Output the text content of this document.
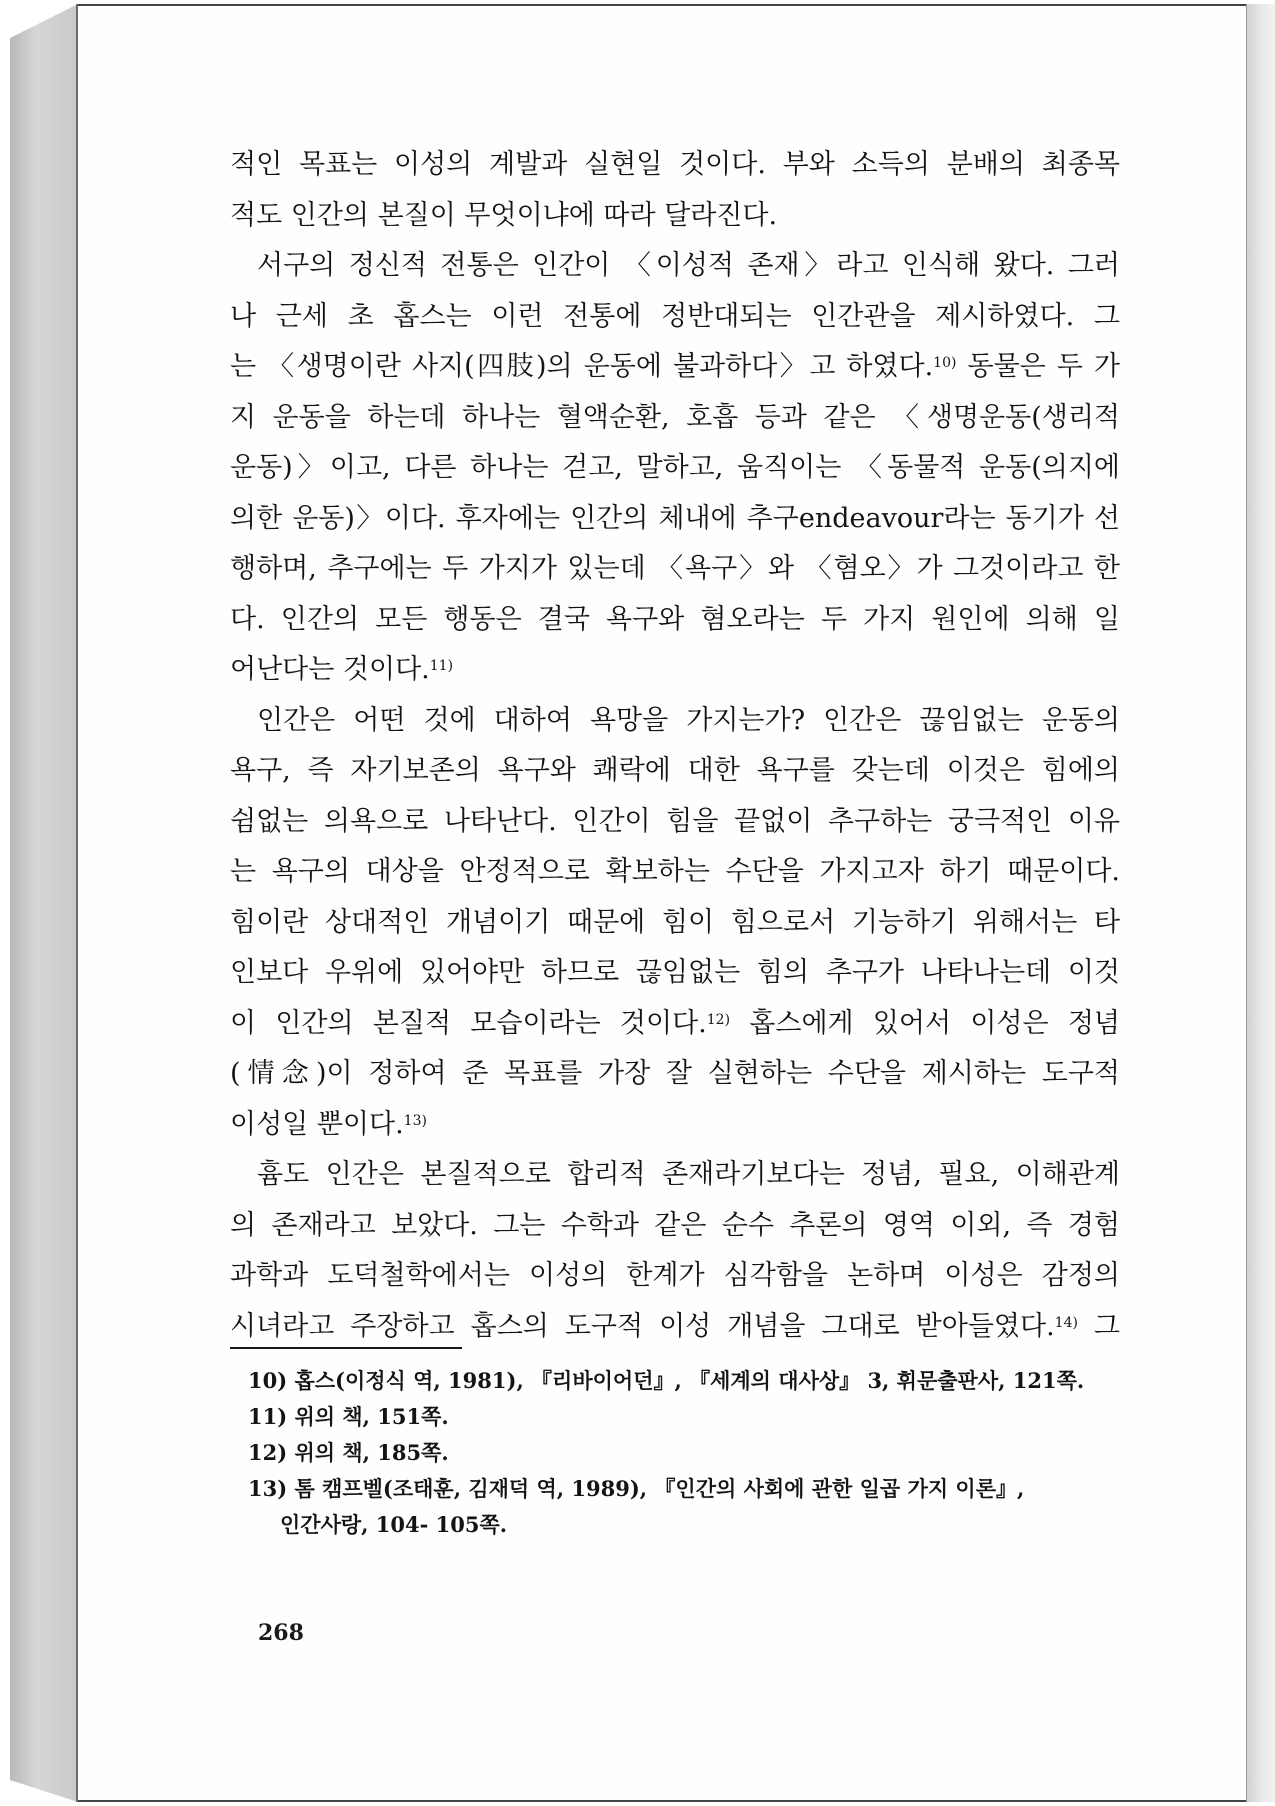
적인 목표는 이성의 계발과 실현일 것이다. 부와 소득의 분배의 최종목
적도 인간의 본질이 무엇이냐에 따라 달라진다.
서구의 정신적 전통은 인간이 〈이성적 존재〉라고 인식해 왔다. 그러
나 근세 초 홉스는 이런 전통에 정반대되는 인간관을 제시하였다. 그
는 〈생명이란 사지(四肢)의 운동에 불과하다〉고 하였다.$^{10)}$ 동물은 두 가
지 운동을 하는데 하나는 혈액순환, 호흡 등과 같은 〈생명운동(생리적
운동)〉이고, 다른 하나는 걷고, 말하고, 움직이는 〈동물적 운동(의지에
의한 운동)〉이다. 후자에는 인간의 체내에 추구endeavour라는 동기가 선
행하며, 추구에는 두 가지가 있는데 〈욕구〉와 〈혐오〉가 그것이라고 한
다. 인간의 모든 행동은 결국 욕구와 혐오라는 두 가지 원인에 의해 일
어난다는 것이다.$^{11)}$
인간은 어떤 것에 대하여 욕망을 가지는가? 인간은 끊임없는 운동의
욕구, 즉 자기보존의 욕구와 쾌락에 대한 욕구를 갖는데 이것은 힘에의
쉼없는 의욕으로 나타난다. 인간이 힘을 끝없이 추구하는 궁극적인 이유
는 욕구의 대상을 안정적으로 확보하는 수단을 가지고자 하기 때문이다.
힘이란 상대적인 개념이기 때문에 힘이 힘으로서 기능하기 위해서는 타
인보다 우위에 있어야만 하므로 끊임없는 힘의 추구가 나타나는데 이것
이 인간의 본질적 모습이라는 것이다.$^{12)}$ 홉스에게 있어서 이성은 정념
(情念)이 정하여 준 목표를 가장 잘 실현하는 수단을 제시하는 도구적
이성일 뿐이다.$^{13)}$
흄도 인간은 본질적으로 합리적 존재라기보다는 정념, 필요, 이해관계
의 존재라고 보았다. 그는 수학과 같은 순수 추론의 영역 이외, 즉 경험
과학과 도덕철학에서는 이성의 한계가 심각함을 논하며 이성은 감정의
시녀라고 주장하고 홉스의 도구적 이성 개념을 그대로 받아들였다.$^{14)}$ 그
10) 홉스(이정식 역, 1981), 『리바이어던』, 『세계의 대사상』 3, 휘문출판사, 121쪽.
11) 위의 책, 151쪽.
12) 위의 책, 185쪽.
13) 톰 캠프벨(조태훈, 김재덕 역, 1989), 『인간의 사회에 관한 일곱 가지 이론』,
인간사랑, 104- 105쪽.
268
